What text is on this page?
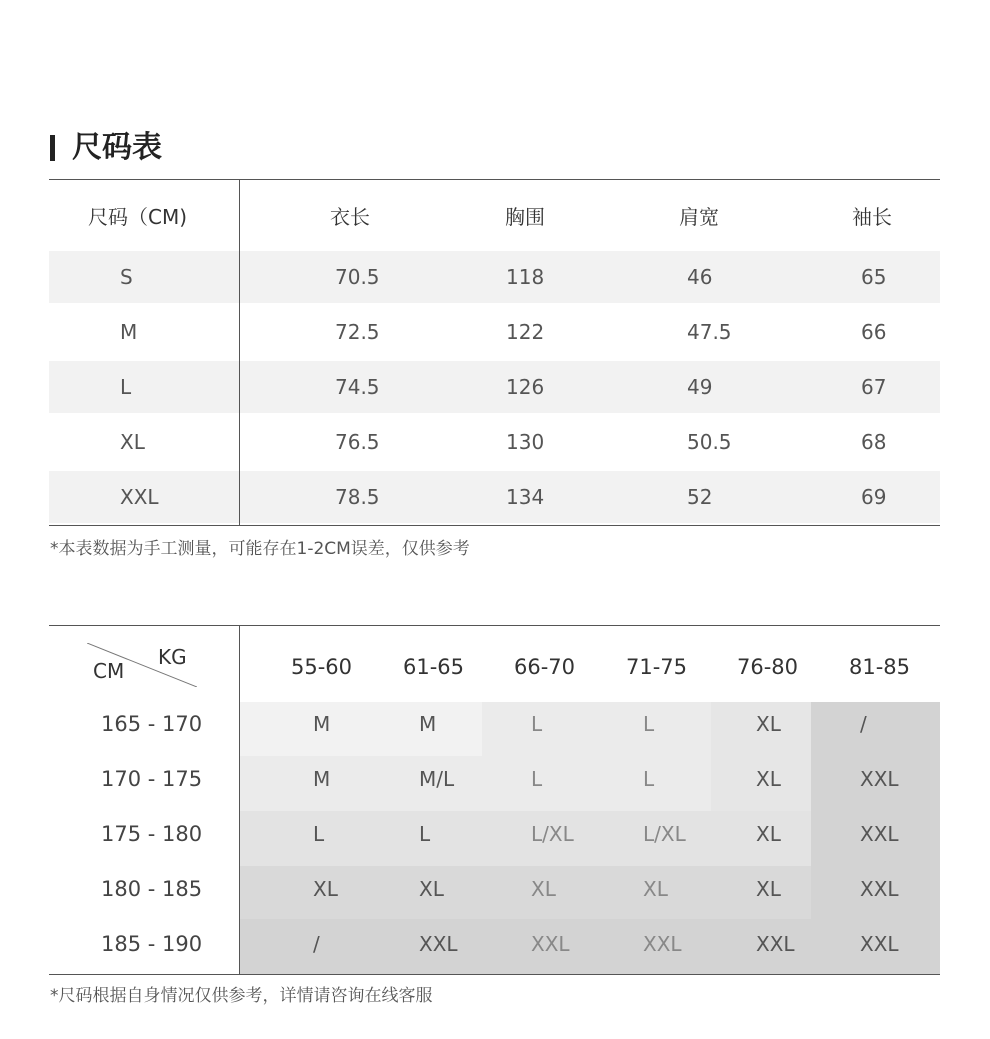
尺码表
尺码（CM)	衣长	胸围	肩宽	袖长
S	70.5	118	46	65
M	72.5	122	47.5	66
L	74.5	126	49	67
XL	76.5	130	50.5	68
XXL	78.5	134	52	69
*本表数据为手工测量，可能存在1-2CM误差，仅供参考
KG
CM	55-60 61-65 66-70 71-75 76-80 81-85
165 - 170	M	M	L	L	XL	/
170 - 175	M	M/L	L	L	XL	XXL
175 - 180	L	L	L/XL	L/XL	XL	XXL
180 - 185	XL	XL	XL	XL	XL	XXL
185 - 190	/	XXL	XXL	XXL	XXL	XXL
*尺码根据自身情况仅供参考，详情请咨询在线客服
